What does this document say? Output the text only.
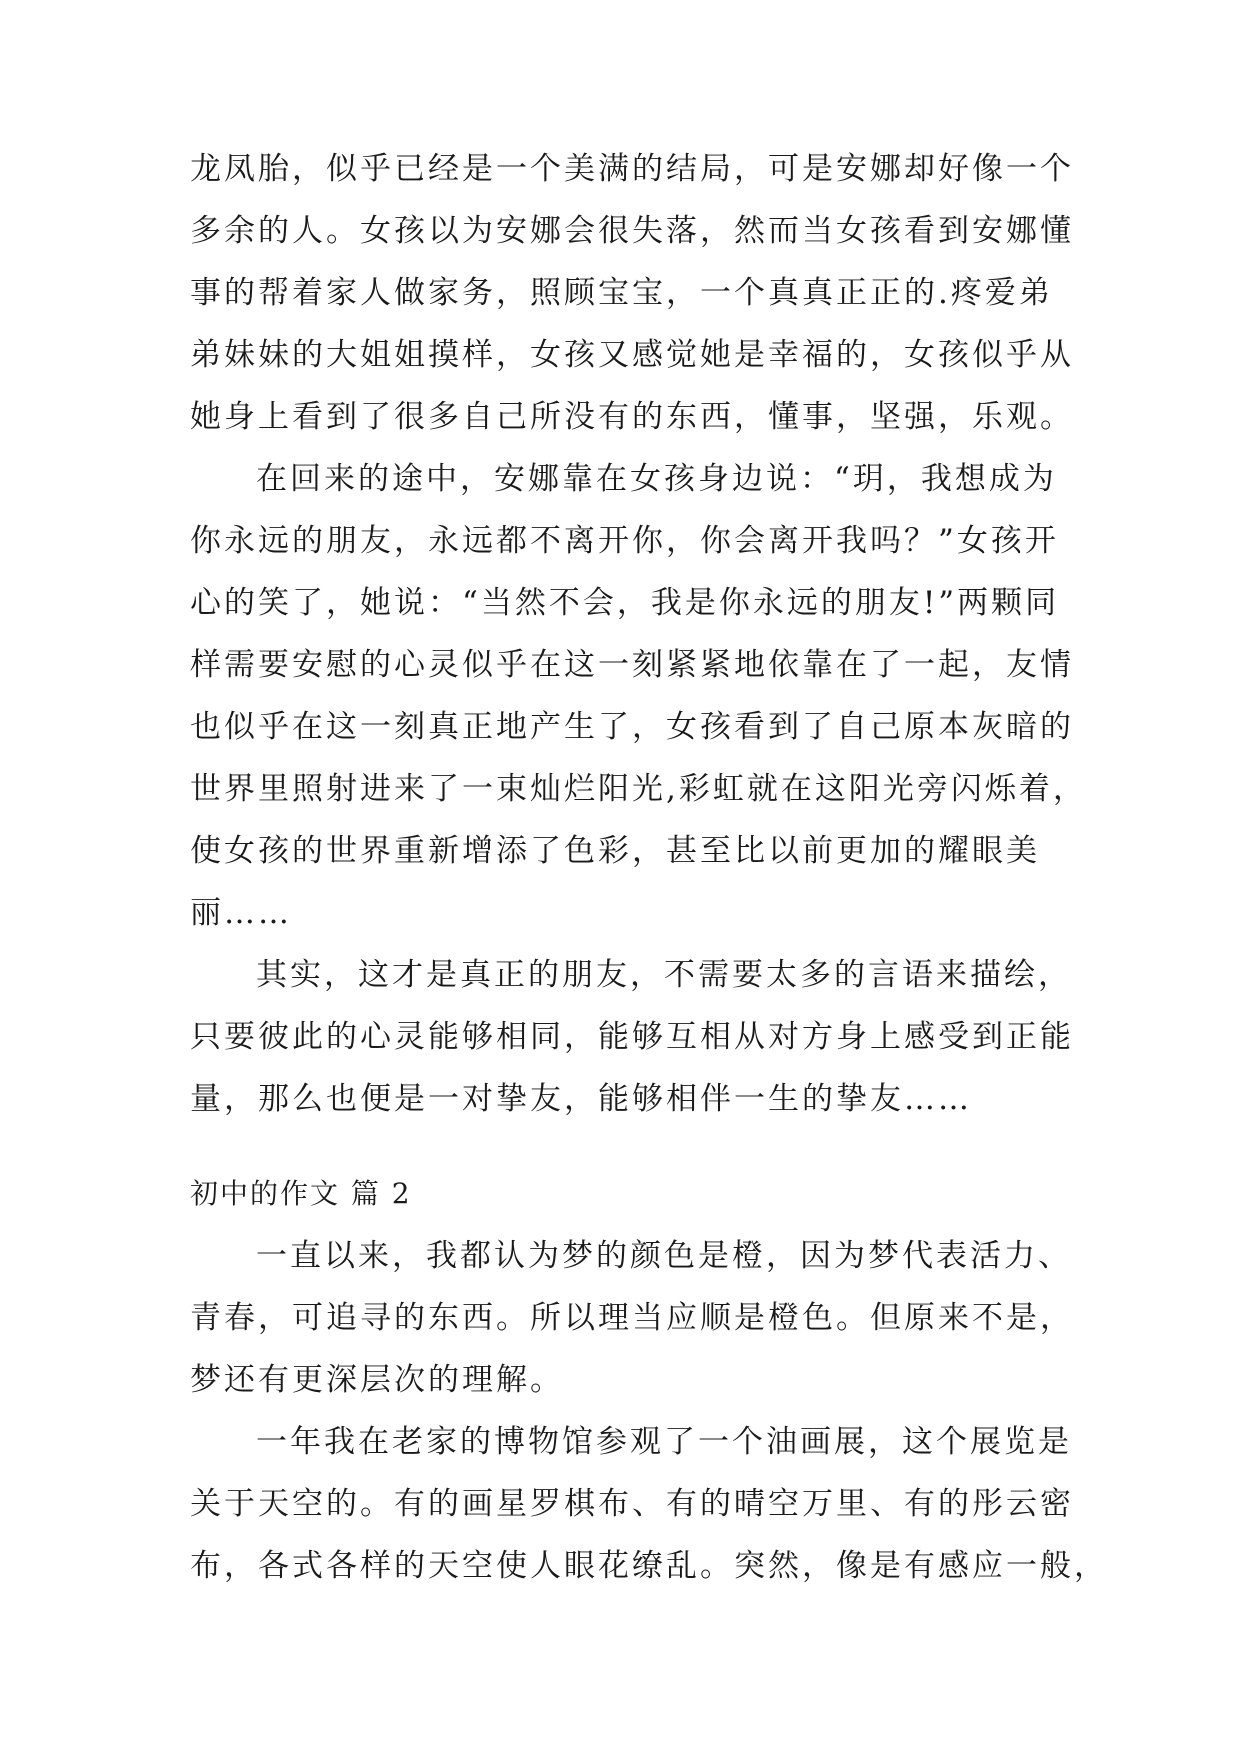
龙凤胎，似乎已经是一个美满的结局，可是安娜却好像一个
多余的人。女孩以为安娜会很失落，然而当女孩看到安娜懂
事的帮着家人做家务，照顾宝宝，一个真真正正的.疼爱弟
弟妹妹的大姐姐摸样，女孩又感觉她是幸福的，女孩似乎从
她身上看到了很多自己所没有的东西，懂事，坚强，乐观。
在回来的途中，安娜靠在女孩身边说：“玥，我想成为
你永远的朋友，永远都不离开你，你会离开我吗？”女孩开
心的笑了，她说：“当然不会，我是你永远的朋友!”两颗同
样需要安慰的心灵似乎在这一刻紧紧地依靠在了一起，友情
也似乎在这一刻真正地产生了，女孩看到了自己原本灰暗的
世界里照射进来了一束灿烂阳光,彩虹就在这阳光旁闪烁着，
使女孩的世界重新增添了色彩，甚至比以前更加的耀眼美
丽……
其实，这才是真正的朋友，不需要太多的言语来描绘，
只要彼此的心灵能够相同，能够互相从对方身上感受到正能
量，那么也便是一对挚友，能够相伴一生的挚友……
初中的作文 篇 2
一直以来，我都认为梦的颜色是橙，因为梦代表活力、
青春，可追寻的东西。所以理当应顺是橙色。但原来不是，
梦还有更深层次的理解。
一年我在老家的博物馆参观了一个油画展，这个展览是
关于天空的。有的画星罗棋布、有的晴空万里、有的彤云密
布，各式各样的天空使人眼花缭乱。突然，像是有感应一般，
